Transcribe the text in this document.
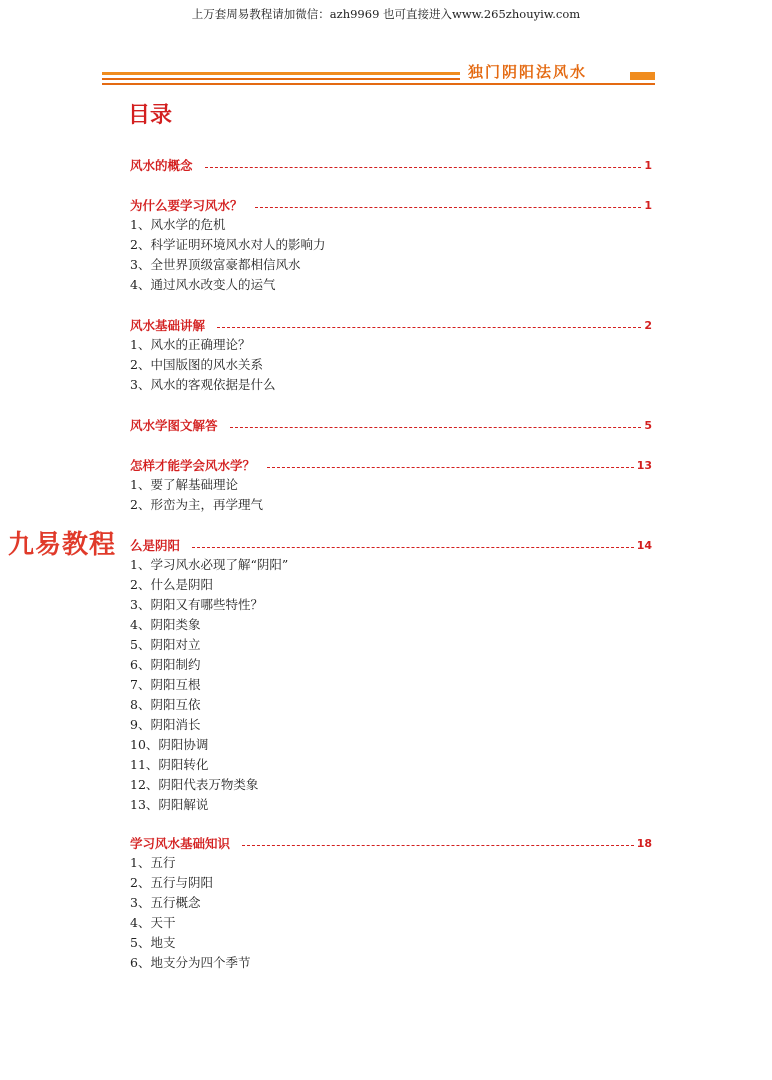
上万套周易教程请加微信：azh9969 也可直接进入www.265zhouyiw.com
独门阴阳法风水
目录
风水的概念	1
为什么要学习风水？	1
1、风水学的危机
2、科学证明环境风水对人的影响力
3、全世界顶级富豪都相信风水
4、通过风水改变人的运气
风水基础讲解	2
1、风水的正确理论？
2、中国版图的风水关系
3、风水的客观依据是什么
风水学图文解答	5
怎样才能学会风水学？	13
1、要了解基础理论
2、形峦为主，再学理气
么是阴阳	14
1、学习风水必现了解“阴阳”
2、什么是阴阳
3、阴阳又有哪些特性？
4、阴阳类象
5、阴阳对立
6、阴阳制约
7、阴阳互根
8、阴阳互依
9、阴阳消长
10、阴阳协调
11、阴阳转化
12、阴阳代表万物类象
13、阴阳解说
学习风水基础知识	18
1、五行
2、五行与阴阳
3、五行概念
4、天干
5、地支
6、地支分为四个季节
九易教程
